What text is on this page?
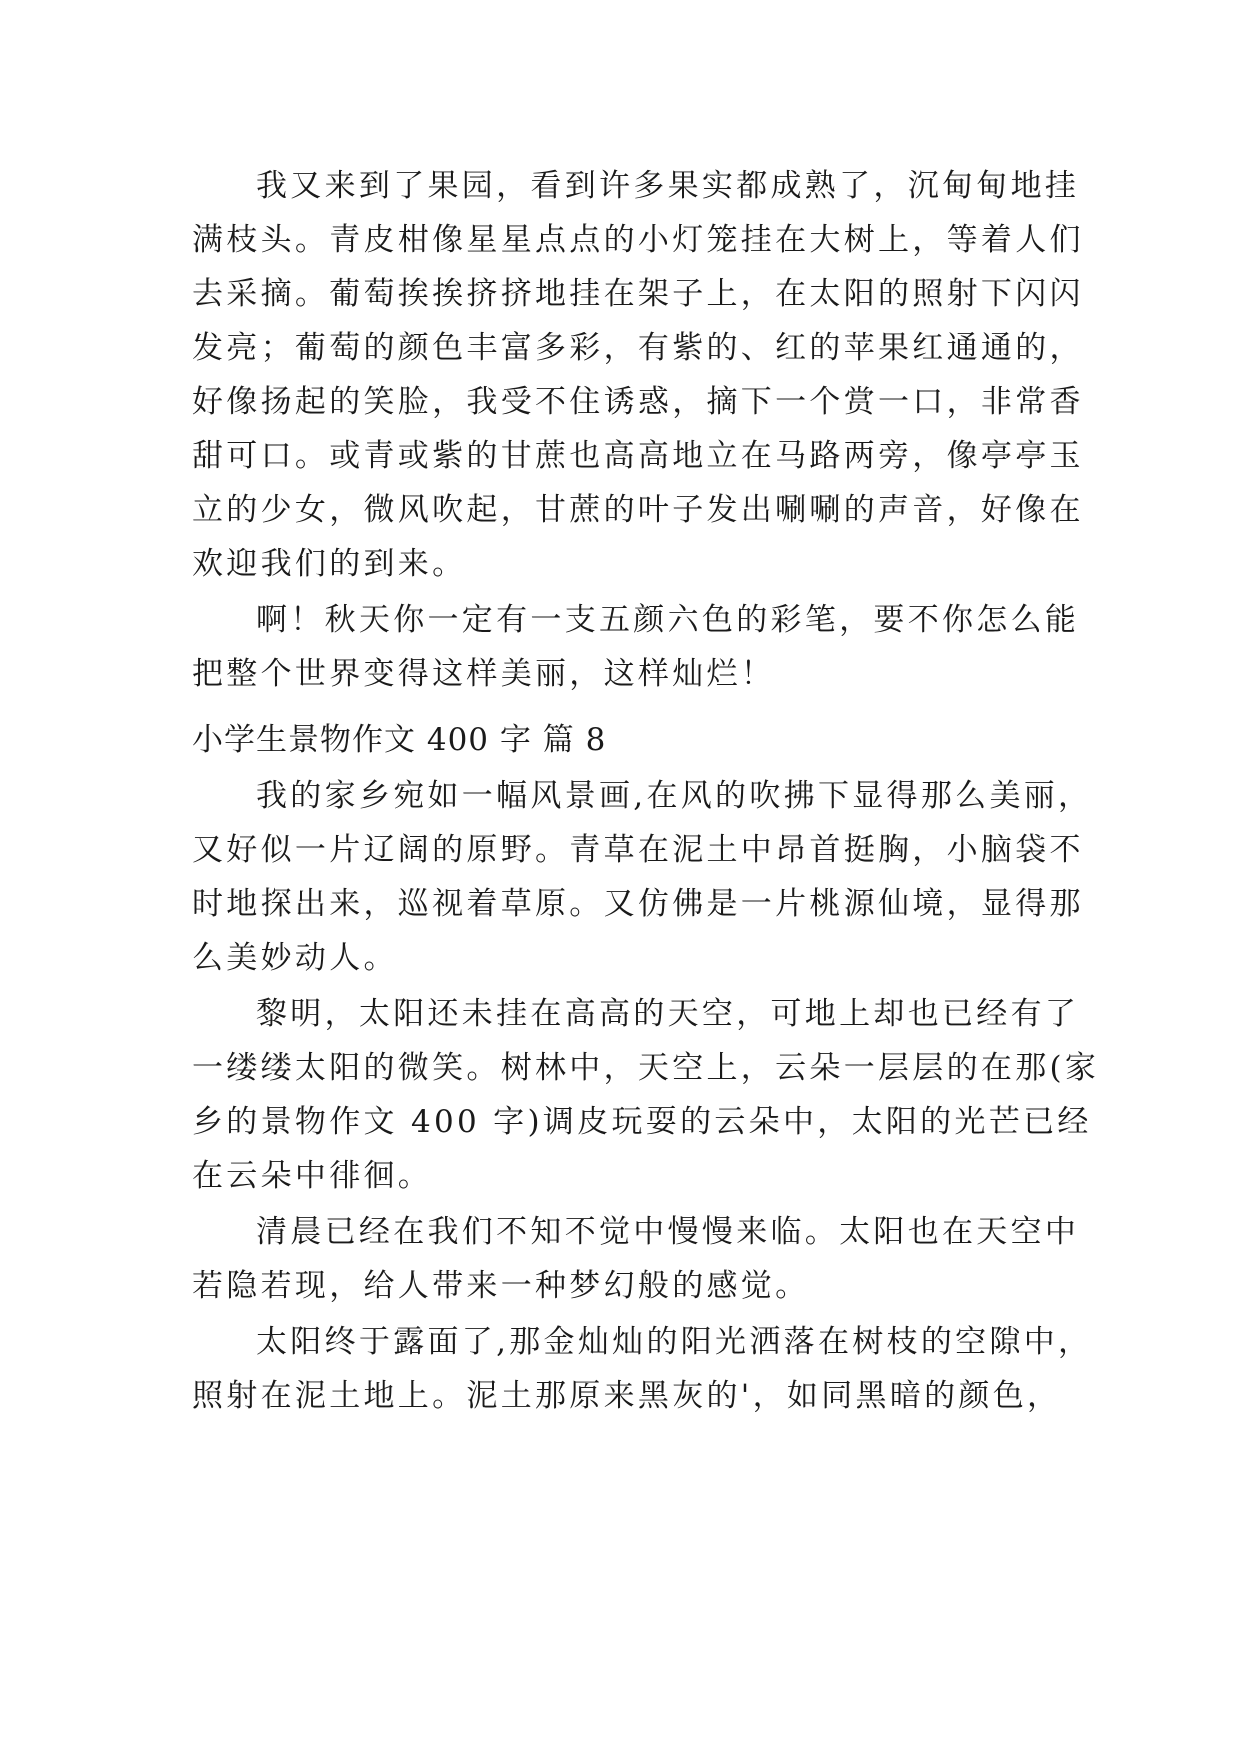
我又来到了果园，看到许多果实都成熟了，沉甸甸地挂
满枝头。青皮柑像星星点点的小灯笼挂在大树上，等着人们
去采摘。葡萄挨挨挤挤地挂在架子上，在太阳的照射下闪闪
发亮；葡萄的颜色丰富多彩，有紫的、红的苹果红通通的，
好像扬起的笑脸，我受不住诱惑，摘下一个赏一口，非常香
甜可口。或青或紫的甘蔗也高高地立在马路两旁，像亭亭玉
立的少女，微风吹起，甘蔗的叶子发出唰唰的声音，好像在
欢迎我们的到来。
啊！秋天你一定有一支五颜六色的彩笔，要不你怎么能
把整个世界变得这样美丽，这样灿烂！
小学生景物作文 400 字 篇 8
我的家乡宛如一幅风景画,在风的吹拂下显得那么美丽，
又好似一片辽阔的原野。青草在泥土中昂首挺胸，小脑袋不
时地探出来，巡视着草原。又仿佛是一片桃源仙境，显得那
么美妙动人。
黎明，太阳还未挂在高高的天空，可地上却也已经有了
一缕缕太阳的微笑。树林中，天空上，云朵一层层的在那(家
乡的景物作文 400 字)调皮玩耍的云朵中，太阳的光芒已经
在云朵中徘徊。
清晨已经在我们不知不觉中慢慢来临。太阳也在天空中
若隐若现，给人带来一种梦幻般的感觉。
太阳终于露面了,那金灿灿的阳光洒落在树枝的空隙中，
照射在泥土地上。泥土那原来黑灰的'，如同黑暗的颜色，
